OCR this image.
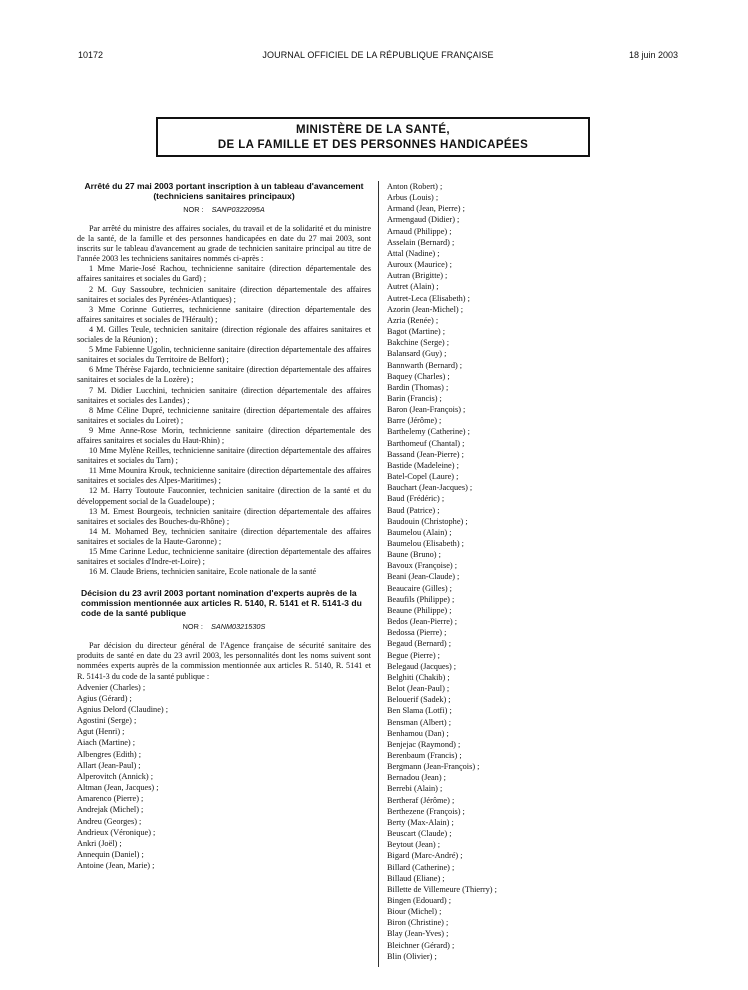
10172	JOURNAL OFFICIEL DE LA RÉPUBLIQUE FRANÇAISE	18 juin 2003
MINISTÈRE DE LA SANTÉ,
DE LA FAMILLE ET DES PERSONNES HANDICAPÉES
Arrêté du 27 mai 2003 portant inscription à un tableau d'avancement (techniciens sanitaires principaux)
NOR : SANP0322095A

Par arrêté du ministre des affaires sociales, du travail et de la solidarité et du ministre de la santé, de la famille et des personnes handicapées en date du 27 mai 2003, sont inscrits sur le tableau d'avancement au grade de technicien sanitaire principal au titre de l'année 2003 les techniciens sanitaires nommés ci-après :

1 Mme Marie-José Rachou, technicienne sanitaire (direction départementale des affaires sanitaires et sociales du Gard) ;

2 M. Guy Sassoubre, technicien sanitaire (direction départementale des affaires sanitaires et sociales des Pyrénées-Atlantiques) ;

3 Mme Corinne Gutierres, technicienne sanitaire (direction départementale des affaires sanitaires et sociales de l'Hérault) ;

4 M. Gilles Teule, technicien sanitaire (direction régionale des affaires sanitaires et sociales de la Réunion) ;

5 Mme Fabienne Ugolin, technicienne sanitaire (direction départementale des affaires sanitaires et sociales du Territoire de Belfort) ;

6 Mme Thérèse Fajardo, technicienne sanitaire (direction départementale des affaires sanitaires et sociales de la Lozère) ;

7 M. Didier Lucchini, technicien sanitaire (direction départementale des affaires sanitaires et sociales des Landes) ;

8 Mme Céline Dupré, technicienne sanitaire (direction départementale des affaires sanitaires et sociales du Loiret) ;

9 Mme Anne-Rose Morin, technicienne sanitaire (direction départementale des affaires sanitaires et sociales du Haut-Rhin) ;

10 Mme Mylène Reilles, technicienne sanitaire (direction départementale des affaires sanitaires et sociales du Tarn) ;

11 Mme Mounira Krouk, technicienne sanitaire (direction départementale des affaires sanitaires et sociales des Alpes-Maritimes) ;

12 M. Harry Toutoute Fauconnier, technicien sanitaire (direction de la santé et du développement social de la Guadeloupe) ;

13 M. Ernest Bourgeois, technicien sanitaire (direction départementale des affaires sanitaires et sociales des Bouches-du-Rhône) ;

14 M. Mohamed Bey, technicien sanitaire (direction départementale des affaires sanitaires et sociales de la Haute-Garonne) ;

15 Mme Carinne Leduc, technicienne sanitaire (direction départementale des affaires sanitaires et sociales d'Indre-et-Loire) ;

16 M. Claude Briens, technicien sanitaire, Ecole nationale de la santé

Décision du 23 avril 2003 portant nomination d'experts auprès de la commission mentionnée aux articles R. 5140, R. 5141 et R. 5141-3 du code de la santé publique
NOR : SANM0321530S

Par décision du directeur général de l'Agence française de sécurité sanitaire des produits de santé en date du 23 avril 2003, les personnalités dont les noms suivent sont nommées experts auprès de la commission mentionnée aux articles R. 5140, R. 5141 et R. 5141-3 du code de la santé publique :

Advenier (Charles) ;

Agius (Gérard) ;

Agnius Delord (Claudine) ;

Agostini (Serge) ;

Agut (Henri) ;

Aiach (Martine) ;

Albengres (Edith) ;

Allart (Jean-Paul) ;

Alperovitch (Annick) ;

Altman (Jean, Jacques) ;

Amarenco (Pierre) ;

Andrejak (Michel) ;

Andreu (Georges) ;

Andrieux (Véronique) ;

Ankri (Joël) ;

Annequin (Daniel) ;

Antoine (Jean, Marie) ;

Anton (Robert) ;

Arbus (Louis) ;

Armand (Jean, Pierre) ;

Armengaud (Didier) ;

Arnaud (Philippe) ;

Asselain (Bernard) ;

Attal (Nadine) ;

Auroux (Maurice) ;

Autran (Brigitte) ;

Autret (Alain) ;

Autret-Leca (Elisabeth) ;

Azorin (Jean-Michel) ;

Azria (Renée) ;

Bagot (Martine) ;

Bakchine (Serge) ;

Balansard (Guy) ;

Bannwarth (Bernard) ;

Baquey (Charles) ;

Bardin (Thomas) ;

Barin (Francis) ;

Baron (Jean-François) ;

Barre (Jérôme) ;

Barthelemy (Catherine) ;

Barthomeuf (Chantal) ;

Bassand (Jean-Pierre) ;

Bastide (Madeleine) ;

Batel-Copel (Laure) ;

Bauchart (Jean-Jacques) ;

Baud (Frédéric) ;

Baud (Patrice) ;

Baudouin (Christophe) ;

Baumelou (Alain) ;

Baumelou (Elisabeth) ;

Baune (Bruno) ;

Bavoux (Françoise) ;

Beani (Jean-Claude) ;

Beaucaire (Gilles) ;

Beaufils (Philippe) ;

Beaune (Philippe) ;

Bedos (Jean-Pierre) ;

Bedossa (Pierre) ;

Begaud (Bernard) ;

Begue (Pierre) ;

Belegaud (Jacques) ;

Belghiti (Chakib) ;

Belot (Jean-Paul) ;

Belouerif (Sadek) ;

Ben Slama (Lotfi) ;

Bensman (Albert) ;

Benhamou (Dan) ;

Benjejac (Raymond) ;

Berenbaum (Francis) ;

Bergmann (Jean-François) ;

Bernadou (Jean) ;

Berrebi (Alain) ;

Bertheraf (Jérôme) ;

Berthezene (François) ;

Berty (Max-Alain) ;

Beuscart (Claude) ;

Beytout (Jean) ;

Bigard (Marc-André) ;

Billard (Catherine) ;

Billaud (Eliane) ;

Billette de Villemeure (Thierry) ;

Bingen (Edouard) ;

Biour (Michel) ;

Biron (Christine) ;

Blay (Jean-Yves) ;

Bleichner (Gérard) ;

Blin (Olivier) ;
